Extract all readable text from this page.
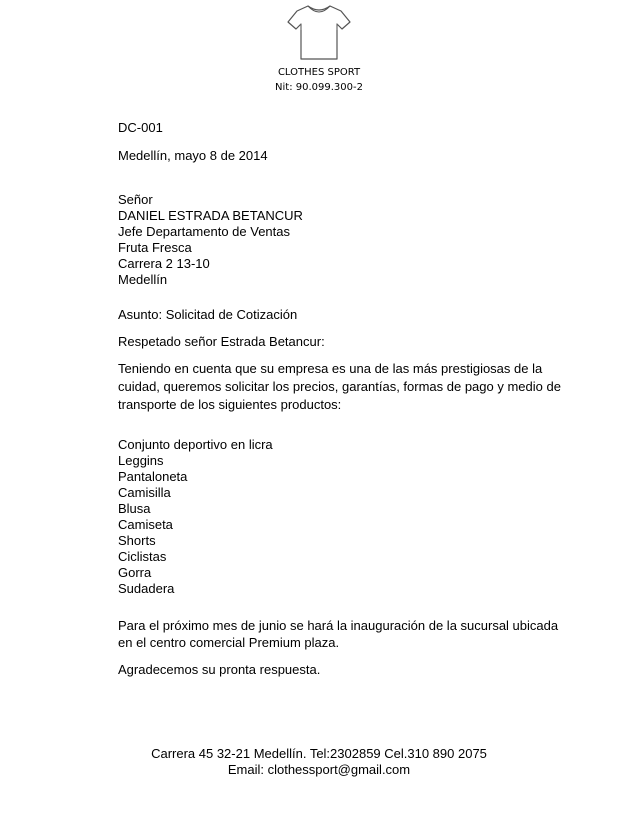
CLOTHES SPORT
Nit: 90.099.300-2
DC-001
Medellín, mayo 8 de 2014
Señor
DANIEL ESTRADA BETANCUR
Jefe Departamento de Ventas
Fruta Fresca
Carrera 2 13-10
Medellín
Asunto: Solicitad de Cotización
Respetado señor Estrada Betancur:
Teniendo en cuenta que su empresa es una de las más prestigiosas de la
cuidad, queremos solicitar los precios, garantías, formas de pago y medio de
transporte de los siguientes productos:
Conjunto deportivo en licra
Leggins
Pantaloneta
Camisilla
Blusa
Camiseta
Shorts
Ciclistas
Gorra
Sudadera
Para el próximo mes de junio se hará la inauguración de la sucursal ubicada
en el centro comercial Premium plaza.
Agradecemos su pronta respuesta.
Carrera 45 32-21 Medellín. Tel:2302859 Cel.310 890 2075
Email: clothessport@gmail.com
